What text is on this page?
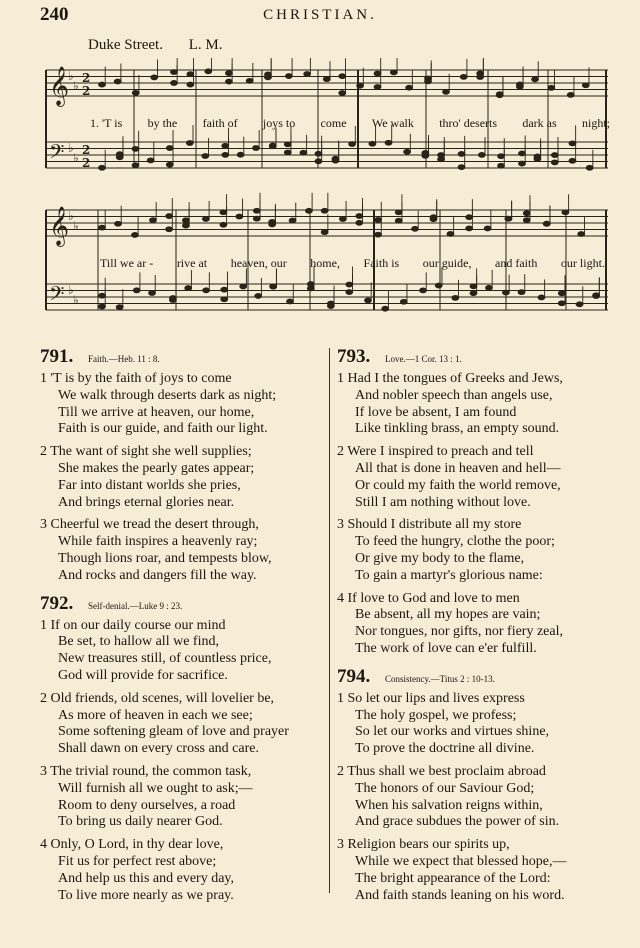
240	CHRISTIAN.
Duke Street. L. M.
𝄞
♭
♭
𝄢 ♭
♭
𝄞
♭
♭
𝄢 ♭
♭
2
2
2
2
1. 'T is by the faith of joys to come We walk thro' deserts dark as night;
Till we ar - rive at heaven, our home, Faith is our guide, and faith our light.
791.	Faith.—Heb. 11 : 8.
1 'T is by the faith of joys to come
We walk through deserts dark as night;
Till we arrive at heaven, our home,
Faith is our guide, and faith our light.
2 The want of sight she well supplies;
She makes the pearly gates appear;
Far into distant worlds she pries,
And brings eternal glories near.
3 Cheerful we tread the desert through,
While faith inspires a heavenly ray;
Though lions roar, and tempests blow,
And rocks and dangers fill the way.
792.	Self-denial.—Luke 9 : 23.
1 If on our daily course our mind
Be set, to hallow all we find,
New treasures still, of countless price,
God will provide for sacrifice.
2 Old friends, old scenes, will lovelier be,
As more of heaven in each we see;
Some softening gleam of love and prayer
Shall dawn on every cross and care.
3 The trivial round, the common task,
Will furnish all we ought to ask;—
Room to deny ourselves, a road
To bring us daily nearer God.
4 Only, O Lord, in thy dear love,
Fit us for perfect rest above;
And help us this and every day,
To live more nearly as we pray.
793.	Love.—1 Cor. 13 : 1.
1 Had I the tongues of Greeks and Jews,
And nobler speech than angels use,
If love be absent, I am found
Like tinkling brass, an empty sound.
2 Were I inspired to preach and tell
All that is done in heaven and hell—
Or could my faith the world remove,
Still I am nothing without love.
3 Should I distribute all my store
To feed the hungry, clothe the poor;
Or give my body to the flame,
To gain a martyr's glorious name:
4 If love to God and love to men
Be absent, all my hopes are vain;
Nor tongues, nor gifts, nor fiery zeal,
The work of love can e'er fulfill.
794.	Consistency.—Titus 2 : 10-13.
1 So let our lips and lives express
The holy gospel, we profess;
So let our works and virtues shine,
To prove the doctrine all divine.
2 Thus shall we best proclaim abroad
The honors of our Saviour God;
When his salvation reigns within,
And grace subdues the power of sin.
3 Religion bears our spirits up,
While we expect that blessed hope,—
The bright appearance of the Lord:
And faith stands leaning on his word.
